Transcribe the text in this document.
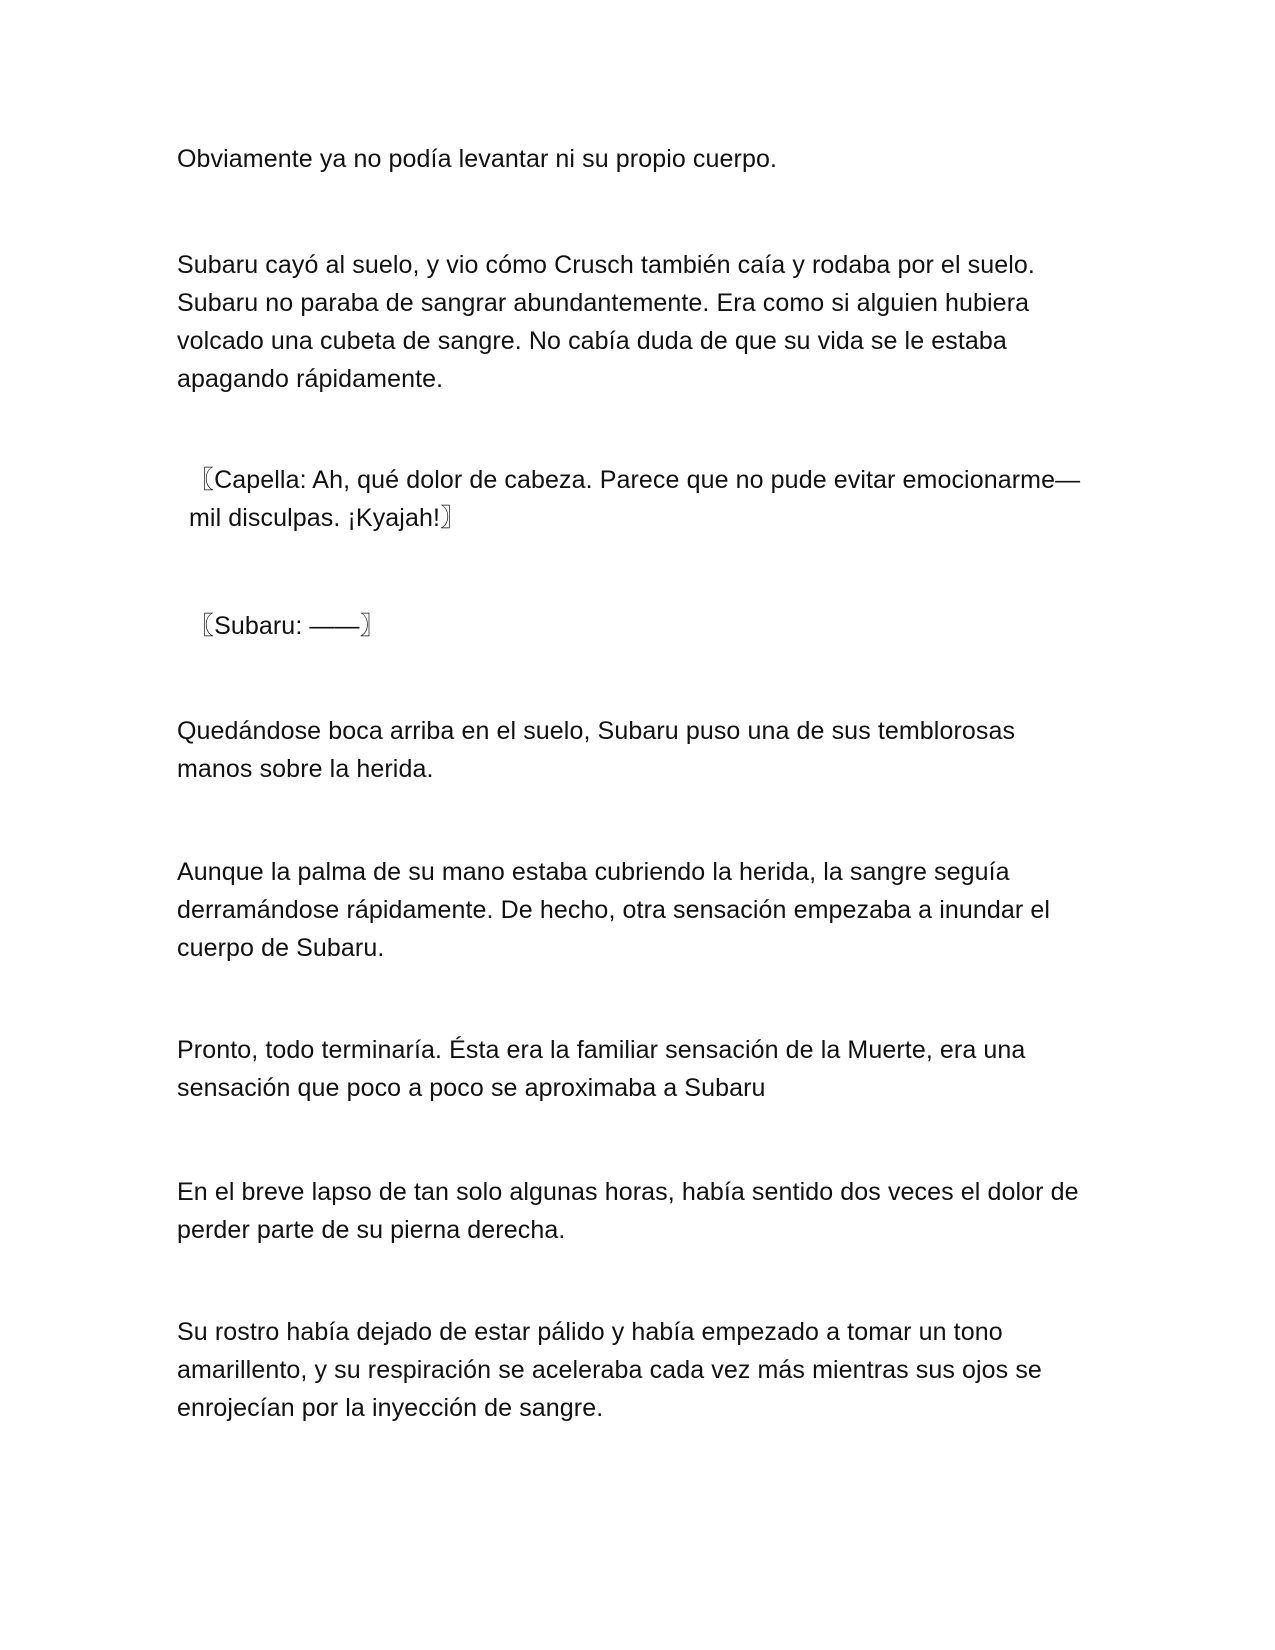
Obviamente ya no podía levantar ni su propio cuerpo.

Subaru cayó al suelo, y vio cómo Crusch también caía y rodaba por el suelo. Subaru no paraba de sangrar abundantemente. Era como si alguien hubiera volcado una cubeta de sangre. No cabía duda de que su vida se le estaba apagando rápidamente.

〖Capella: Ah, qué dolor de cabeza. Parece que no pude evitar emocionarme—mil disculpas. ¡Kyajah!〗

〖Subaru: ——〗

Quedándose boca arriba en el suelo, Subaru puso una de sus temblorosas manos sobre la herida.

Aunque la palma de su mano estaba cubriendo la herida, la sangre seguía derramándose rápidamente. De hecho, otra sensación empezaba a inundar el cuerpo de Subaru.

Pronto, todo terminaría. Ésta era la familiar sensación de la Muerte, era una sensación que poco a poco se aproximaba a Subaru

En el breve lapso de tan solo algunas horas, había sentido dos veces el dolor de perder parte de su pierna derecha.

Su rostro había dejado de estar pálido y había empezado a tomar un tono amarillento, y su respiración se aceleraba cada vez más mientras sus ojos se enrojecían por la inyección de sangre.
